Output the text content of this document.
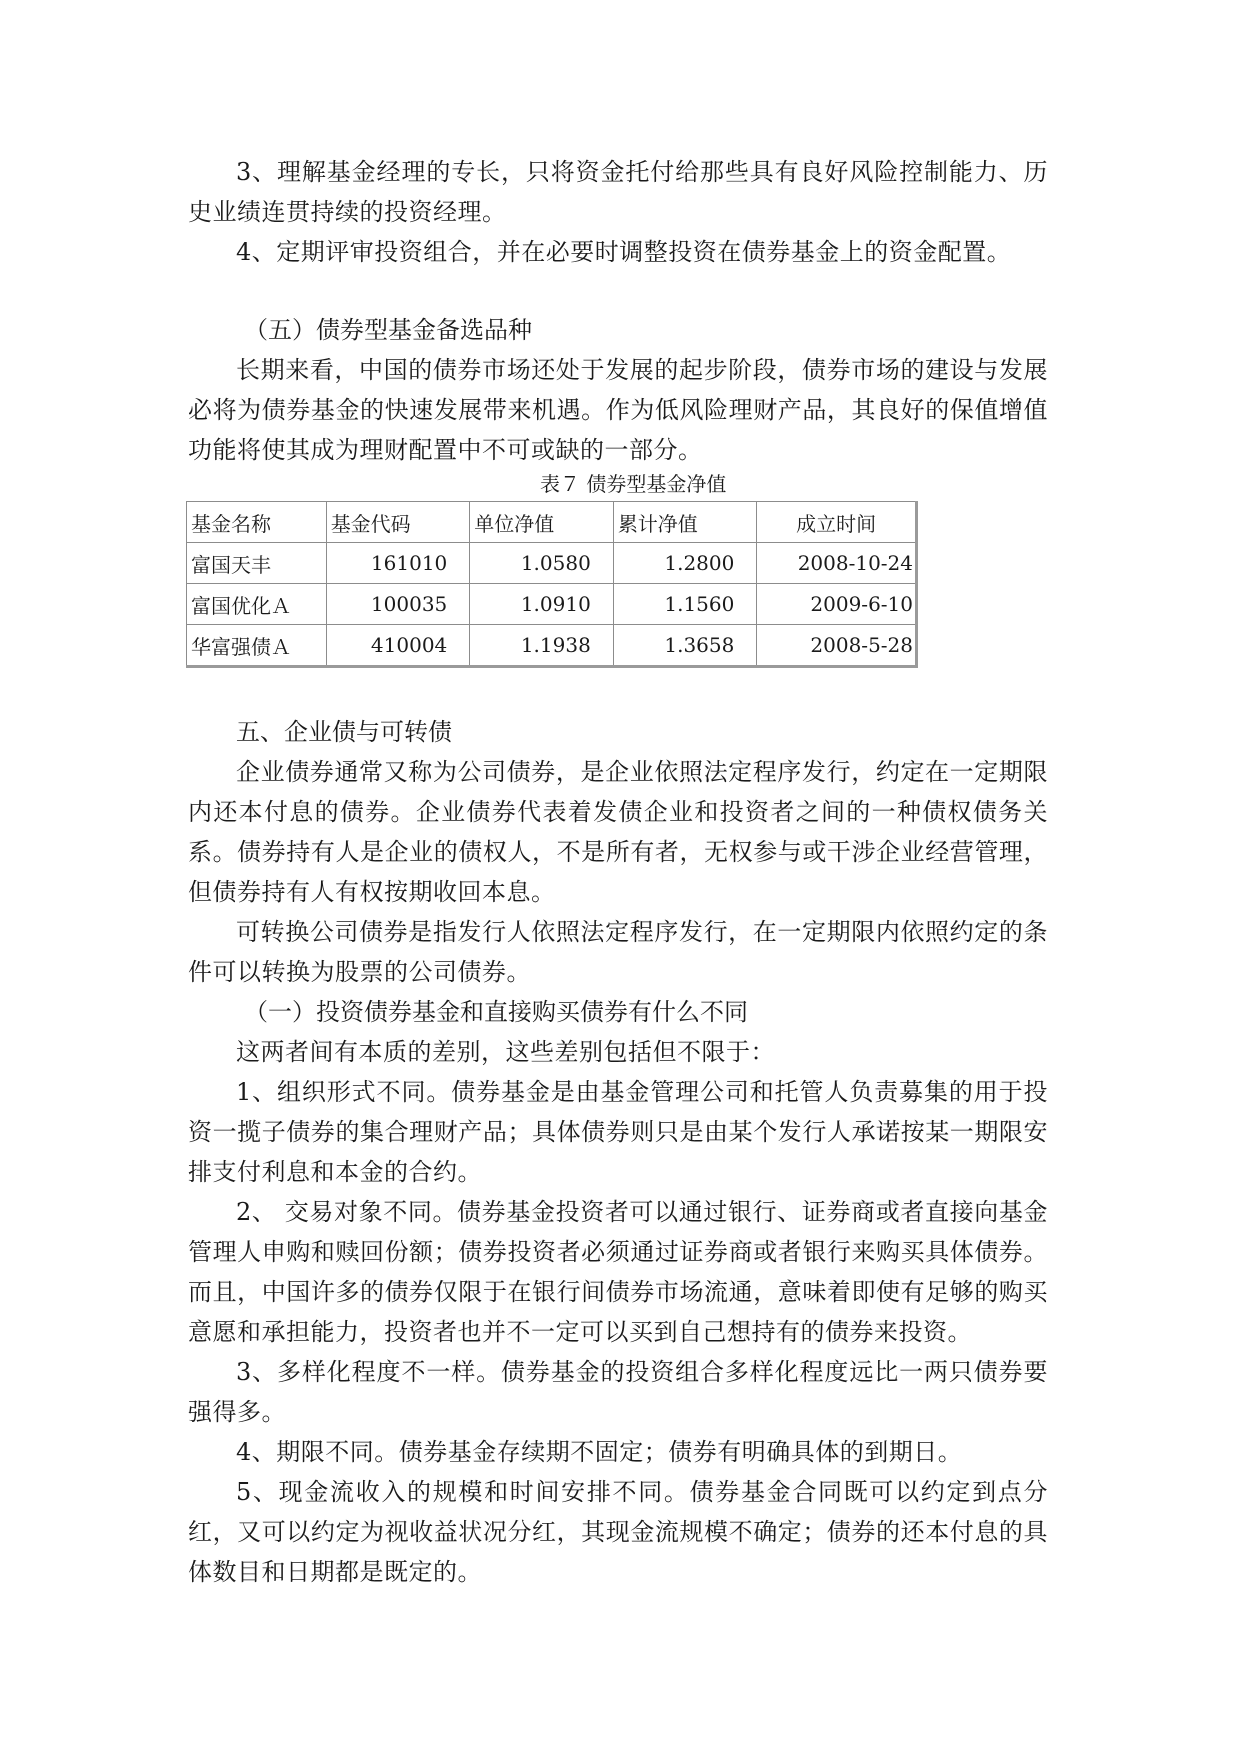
3、理解基金经理的专长，只将资金托付给那些具有良好风险控制能力、历史业绩连贯持续的投资经理。

4、定期评审投资组合，并在必要时调整投资在债券基金上的资金配置。

（五）债券型基金备选品种

长期来看，中国的债券市场还处于发展的起步阶段，债券市场的建设与发展必将为债券基金的快速发展带来机遇。作为低风险理财产品，其良好的保值增值功能将使其成为理财配置中不可或缺的一部分。

表７ 债券型基金净值
基金名称	基金代码	单位净值	累计净值	成立时间
富国天丰	161010	1.0580	1.2800	2008-10-24
富国优化Ａ	100035	1.0910	1.1560	2009-6-10
华富强债Ａ	410004	1.1938	1.3658	2008-5-28

五、企业债与可转债

企业债券通常又称为公司债券，是企业依照法定程序发行，约定在一定期限内还本付息的债券。企业债券代表着发债企业和投资者之间的一种债权债务关系。债券持有人是企业的债权人，不是所有者，无权参与或干涉企业经营管理，但债券持有人有权按期收回本息。

可转换公司债券是指发行人依照法定程序发行，在一定期限内依照约定的条件可以转换为股票的公司债券。

（一）投资债券基金和直接购买债券有什么不同

这两者间有本质的差别，这些差别包括但不限于：

1、组织形式不同。债券基金是由基金管理公司和托管人负责募集的用于投资一揽子债券的集合理财产品；具体债券则只是由某个发行人承诺按某一期限安排支付利息和本金的合约。

2、 交易对象不同。债券基金投资者可以通过银行、证券商或者直接向基金管理人申购和赎回份额；债券投资者必须通过证券商或者银行来购买具体债券。而且，中国许多的债券仅限于在银行间债券市场流通，意味着即使有足够的购买意愿和承担能力，投资者也并不一定可以买到自己想持有的债券来投资。

3、多样化程度不一样。债券基金的投资组合多样化程度远比一两只债券要强得多。

4、期限不同。债券基金存续期不固定；债券有明确具体的到期日。

5、现金流收入的规模和时间安排不同。债券基金合同既可以约定到点分红，又可以约定为视收益状况分红，其现金流规模不确定；债券的还本付息的具体数目和日期都是既定的。
